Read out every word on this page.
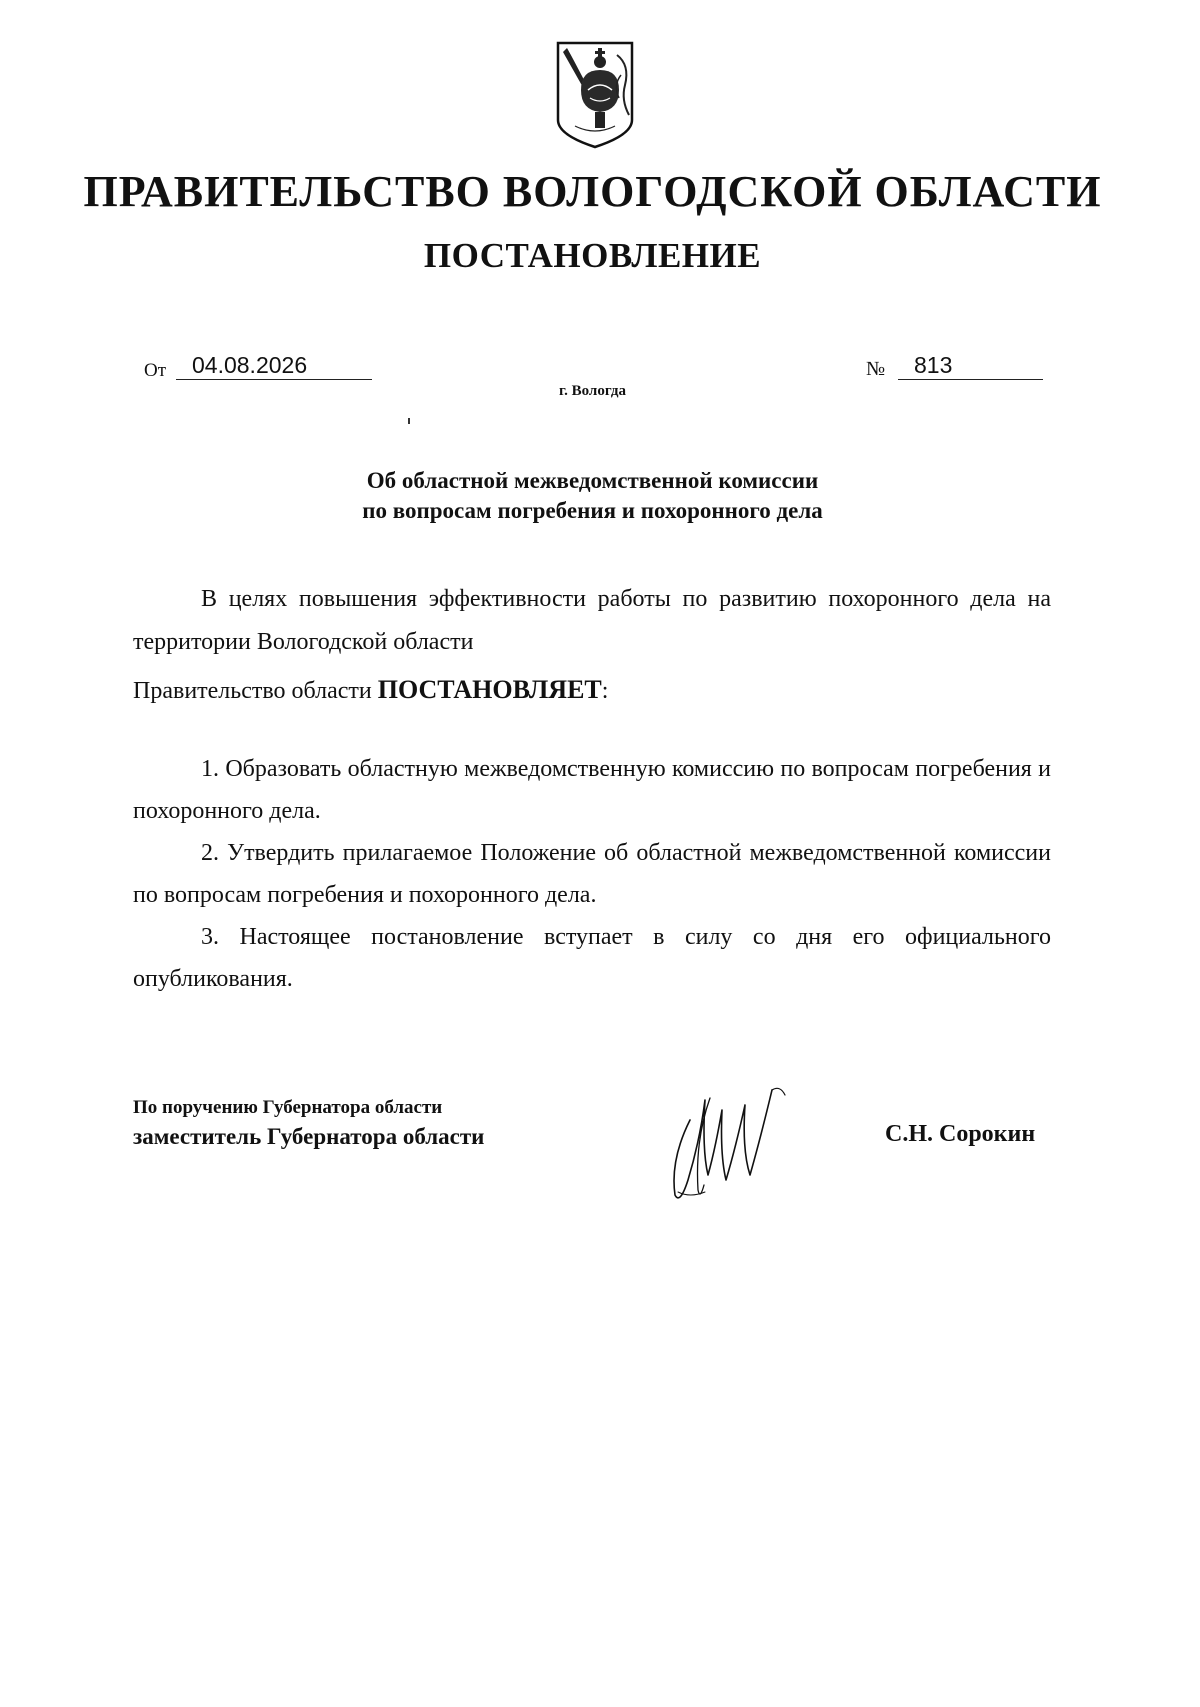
ПРАВИТЕЛЬСТВО ВОЛОГОДСКОЙ ОБЛАСТИ
ПОСТАНОВЛЕНИЕ
От	04.08.2026	№	813
г. Вологда
Об областной межведомственной комиссии
по вопросам погребения и похоронного дела
В целях повышения эффективности работы по развитию похоронного дела на территории Вологодской области
Правительство области ПОСТАНОВЛЯЕТ:

1. Образовать областную межведомственную комиссию по вопросам погребения и похоронного дела.

2. Утвердить прилагаемое Положение об областной межведомственной комиссии по вопросам погребения и похоронного дела.

3. Настоящее постановление вступает в силу со дня его официального опубликования.

По поручению Губернатора области
заместитель Губернатора области	С.Н. Сорокин
